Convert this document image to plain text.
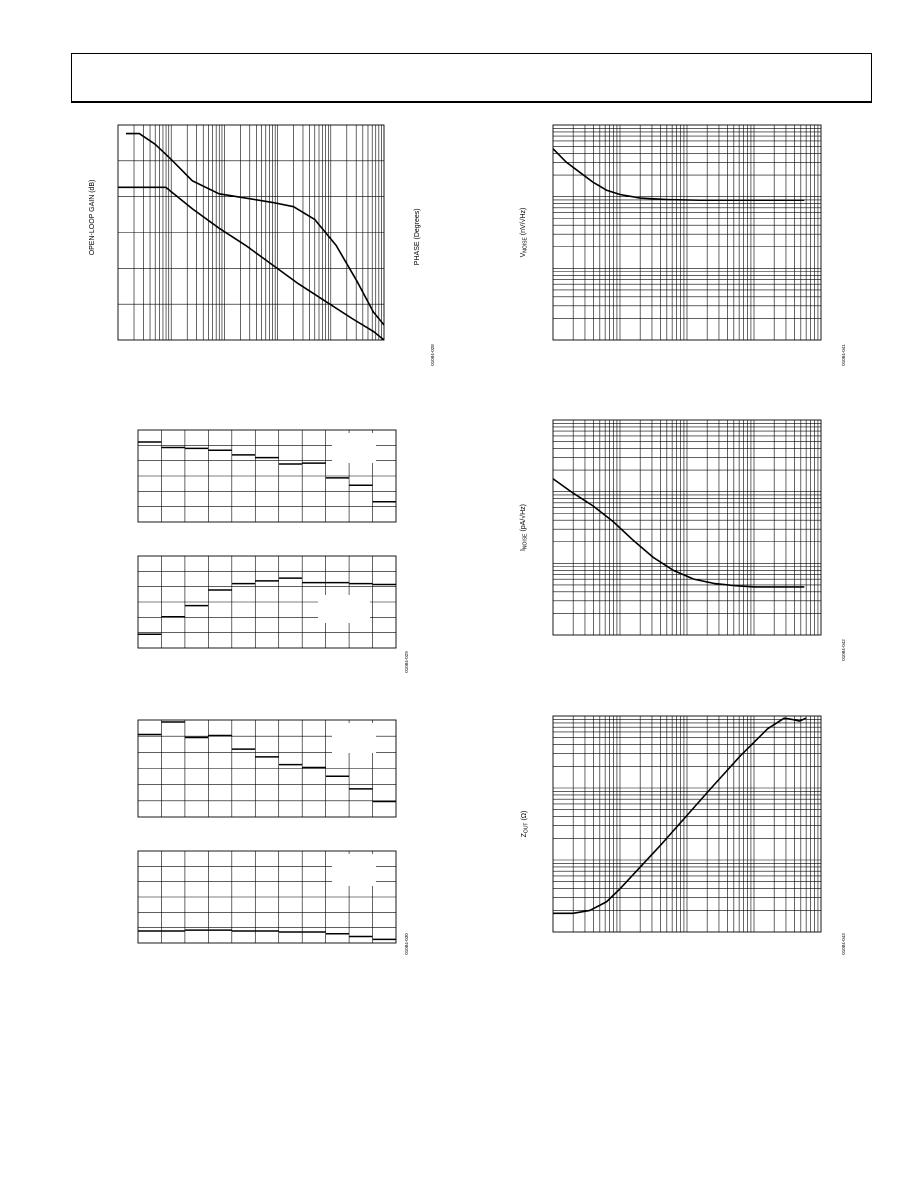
OPEN-LOOP GAIN (dB)	PHASE (Degrees)
01084-028
01084-029
01084-030
$V_{NOISE}$ (nV/√Hz)
01084-041
$I_{NOISE}$ (pA/√Hz)
01084-042
$Z_{OUT}$ (Ω)
01084-043
